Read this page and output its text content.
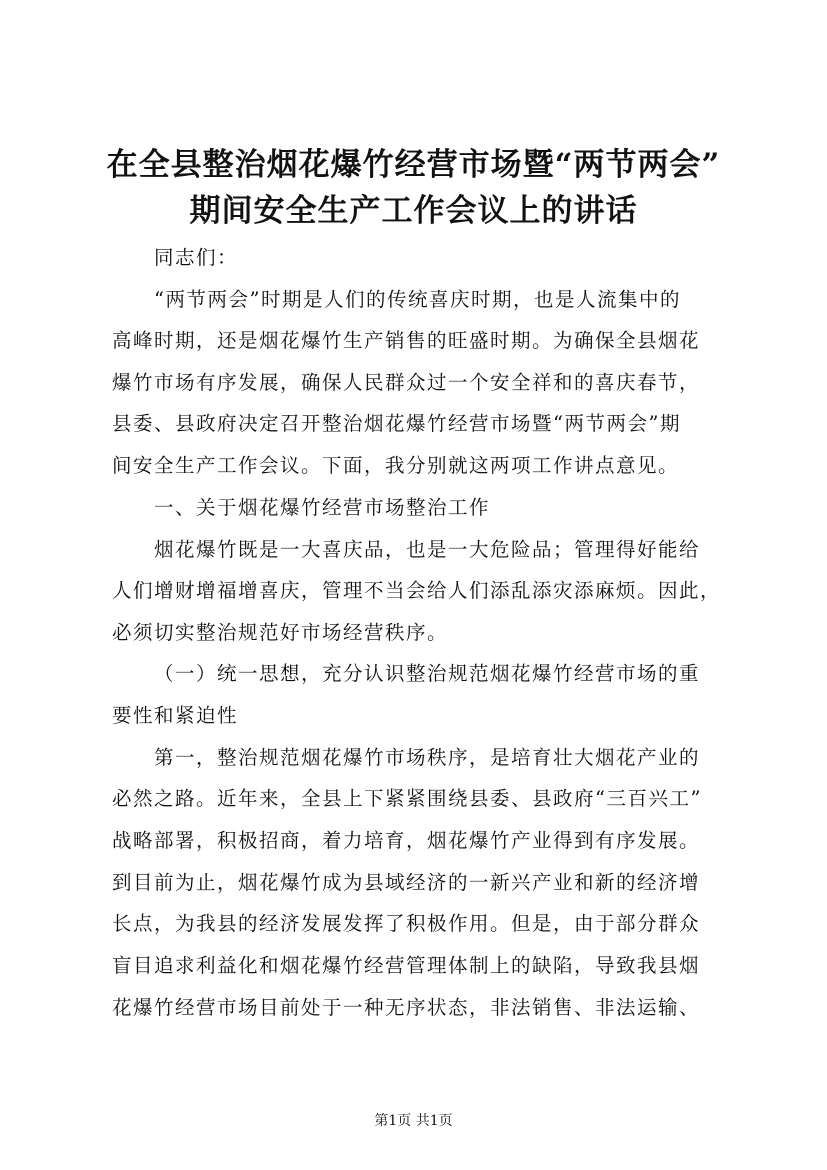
在全县整治烟花爆竹经营市场暨“两节两会”
期间安全生产工作会议上的讲话
同志们：
“两节两会”时期是人们的传统喜庆时期，也是人流集中的
高峰时期，还是烟花爆竹生产销售的旺盛时期。为确保全县烟花
爆竹市场有序发展，确保人民群众过一个安全祥和的喜庆春节，
县委、县政府决定召开整治烟花爆竹经营市场暨“两节两会”期
间安全生产工作会议。下面，我分别就这两项工作讲点意见。
一、关于烟花爆竹经营市场整治工作
烟花爆竹既是一大喜庆品，也是一大危险品；管理得好能给
人们增财增福增喜庆，管理不当会给人们添乱添灾添麻烦。因此，
必须切实整治规范好市场经营秩序。
（一）统一思想，充分认识整治规范烟花爆竹经营市场的重
要性和紧迫性
第一，整治规范烟花爆竹市场秩序，是培育壮大烟花产业的
必然之路。近年来，全县上下紧紧围绕县委、县政府“三百兴工”
战略部署，积极招商，着力培育，烟花爆竹产业得到有序发展。
到目前为止，烟花爆竹成为县域经济的一新兴产业和新的经济增
长点，为我县的经济发展发挥了积极作用。但是，由于部分群众
盲目追求利益化和烟花爆竹经营管理体制上的缺陷，导致我县烟
花爆竹经营市场目前处于一种无序状态，非法销售、非法运输、
第1页 共1页
